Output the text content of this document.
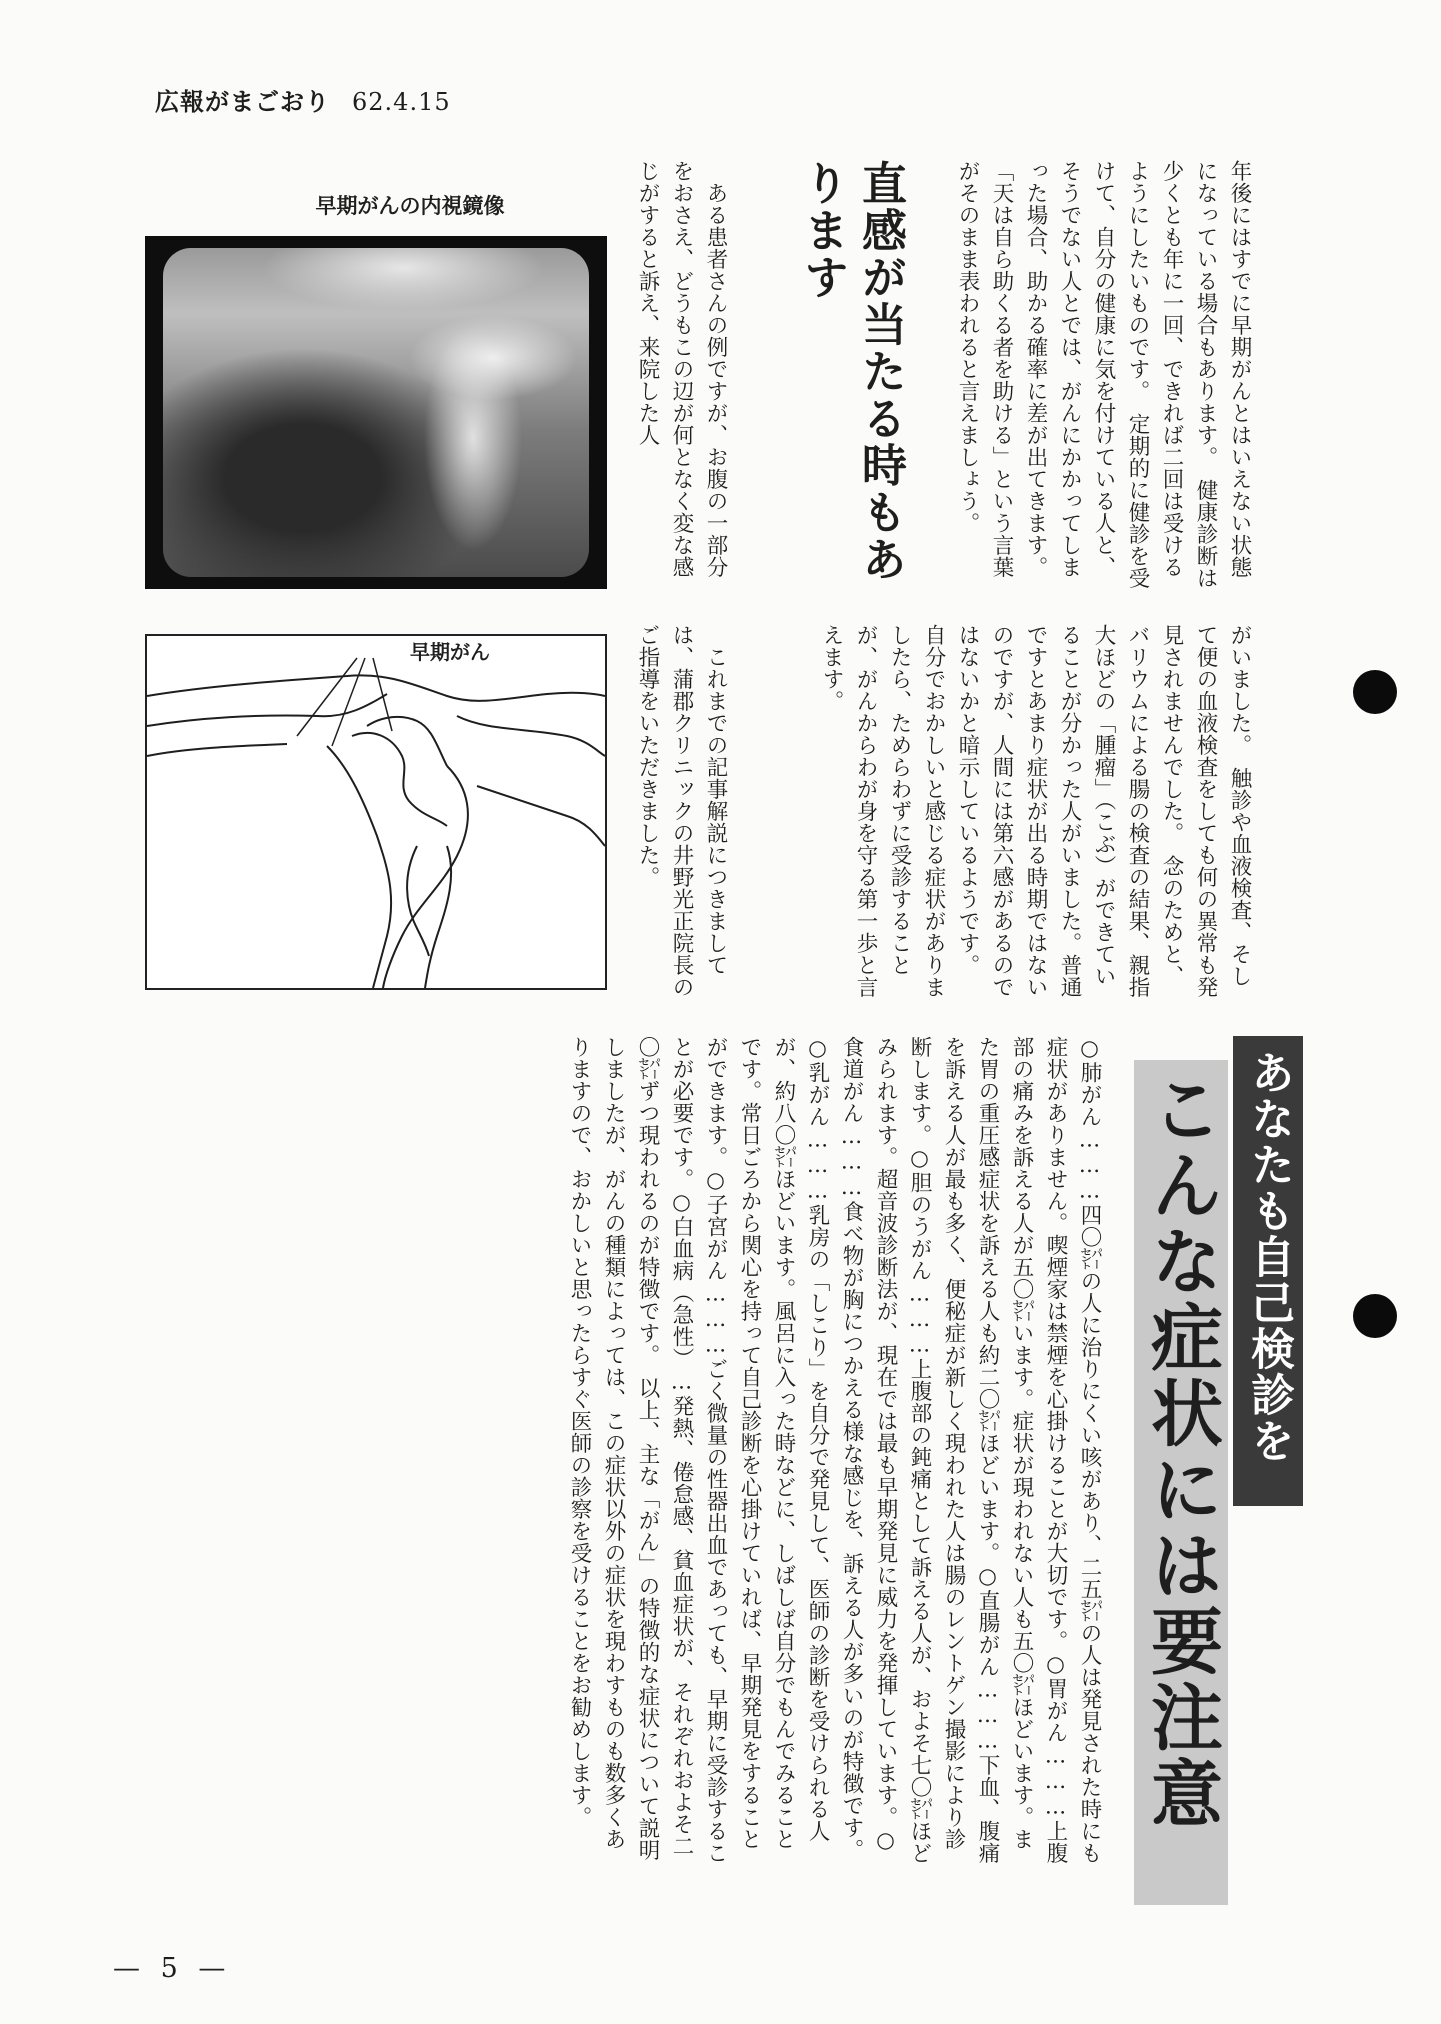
広報がまごおり 62.4.15
早期がんの内視鏡像
早期がん
年後にはすでに早期がんとはいえない状態になっている場合もあります。　健康診断は少くとも年に一回、できれば二回は受けるようにしたいものです。　定期的に健診を受けて、自分の健康に気を付けている人と、そうでない人とでは、がんにかかってしまった場合、助かる確率に差が出てきます。　「天は自ら助くる者を助ける」という言葉がそのまま表われると言えましょう。
直感が当たる時もあります
　ある患者さんの例ですが、お腹の一部分をおさえ、どうもこの辺が何となく変な感じがすると訴え、来院した人
がいました。　触診や血液検査、そして便の血液検査をしても何の異常も発見されませんでした。　念のためと、バリウムによる腸の検査の結果、親指大ほどの「腫瘤」（こぶ）ができていることが分かった人がいました。普通ですとあまり症状が出る時期ではないのですが、人間には第六感があるのではないかと暗示しているようです。　自分でおかしいと感じる症状がありましたら、ためらわずに受診することが、がんからわが身を守る第一歩と言えます。
　これまでの記事解説につきましては、蒲郡クリニックの井野光正院長のご指導をいただきました。
あなたも自己検診を
こんな症状には要注意
○肺がん………四〇㌫の人に治りにくい咳があり、二五㌫の人は発見された時にも症状がありません。喫煙家は禁煙を心掛けることが大切です。○胃がん………上腹部の痛みを訴える人が五〇㌫います。症状が現われない人も五〇㌫ほどいます。また胃の重圧感症状を訴える人も約二〇㌫ほどいます。○直腸がん………下血、腹痛を訴える人が最も多く、便秘症が新しく現われた人は腸のレントゲン撮影により診断します。○胆のうがん………上腹部の鈍痛として訴える人が、およそ七〇㌫ほどみられます。超音波診断法が、現在では最も早期発見に威力を発揮しています。○食道がん………食べ物が胸につかえる様な感じを、訴える人が多いのが特徴です。○乳がん………乳房の「しこり」を自分で発見して、医師の診断を受けられる人が、約八〇㌫ほどいます。風呂に入った時などに、しばしば自分でもんでみることです。常日ごろから関心を持って自己診断を心掛けていれば、早期発見をすることができます。○子宮がん………ごく微量の性器出血であっても、早期に受診することが必要です。○白血病（急性）…発熱、倦怠感、貧血症状が、それぞれおよそ二〇㌫ずつ現われるのが特徴です。　以上、主な「がん」の特徴的な症状について説明しましたが、がんの種類によっては、この症状以外の症状を現わすものも数多くありますので、おかしいと思ったらすぐ医師の診察を受けることをお勧めします。
— 5 —
